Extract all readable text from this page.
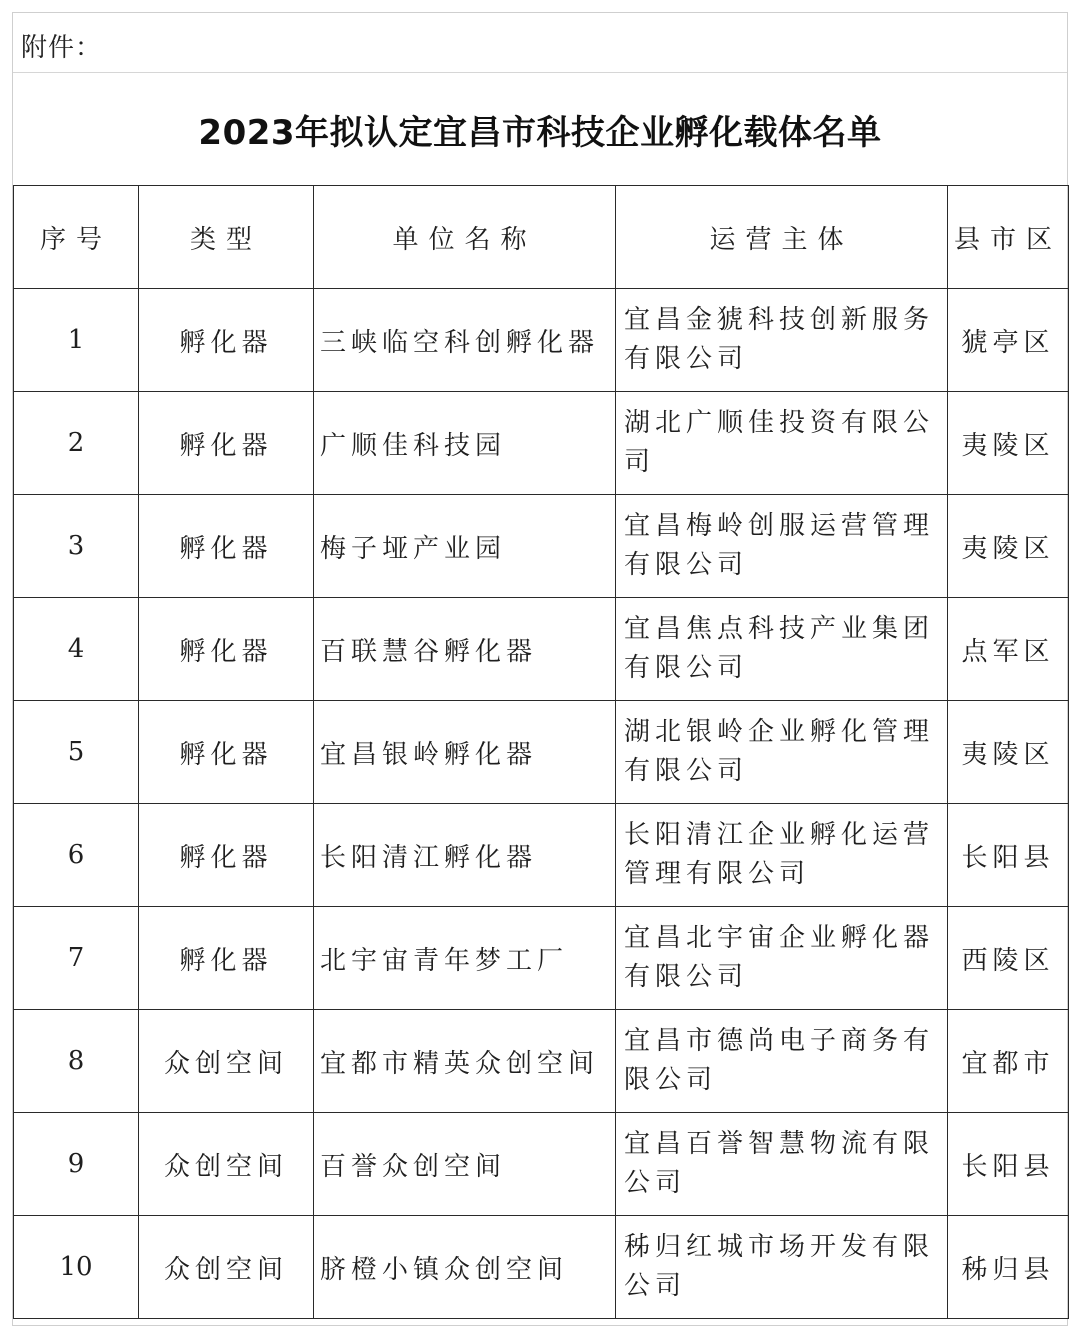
附件：
2023年拟认定宜昌市科技企业孵化载体名单
序号	类型	单位名称	运营主体	县市区
1	孵化器	三峡临空科创孵化器	宜昌金猇科技创新服务有限公司	猇亭区
2	孵化器	广顺佳科技园	湖北广顺佳投资有限公司	夷陵区
3	孵化器	梅子垭产业园	宜昌梅岭创服运营管理有限公司	夷陵区
4	孵化器	百联慧谷孵化器	宜昌焦点科技产业集团有限公司	点军区
5	孵化器	宜昌银岭孵化器	湖北银岭企业孵化管理有限公司	夷陵区
6	孵化器	长阳清江孵化器	长阳清江企业孵化运营管理有限公司	长阳县
7	孵化器	北宇宙青年梦工厂	宜昌北宇宙企业孵化器有限公司	西陵区
8	众创空间	宜都市精英众创空间	宜昌市德尚电子商务有限公司	宜都市
9	众创空间	百誉众创空间	宜昌百誉智慧物流有限公司	长阳县
10	众创空间	脐橙小镇众创空间	秭归红城市场开发有限公司	秭归县
